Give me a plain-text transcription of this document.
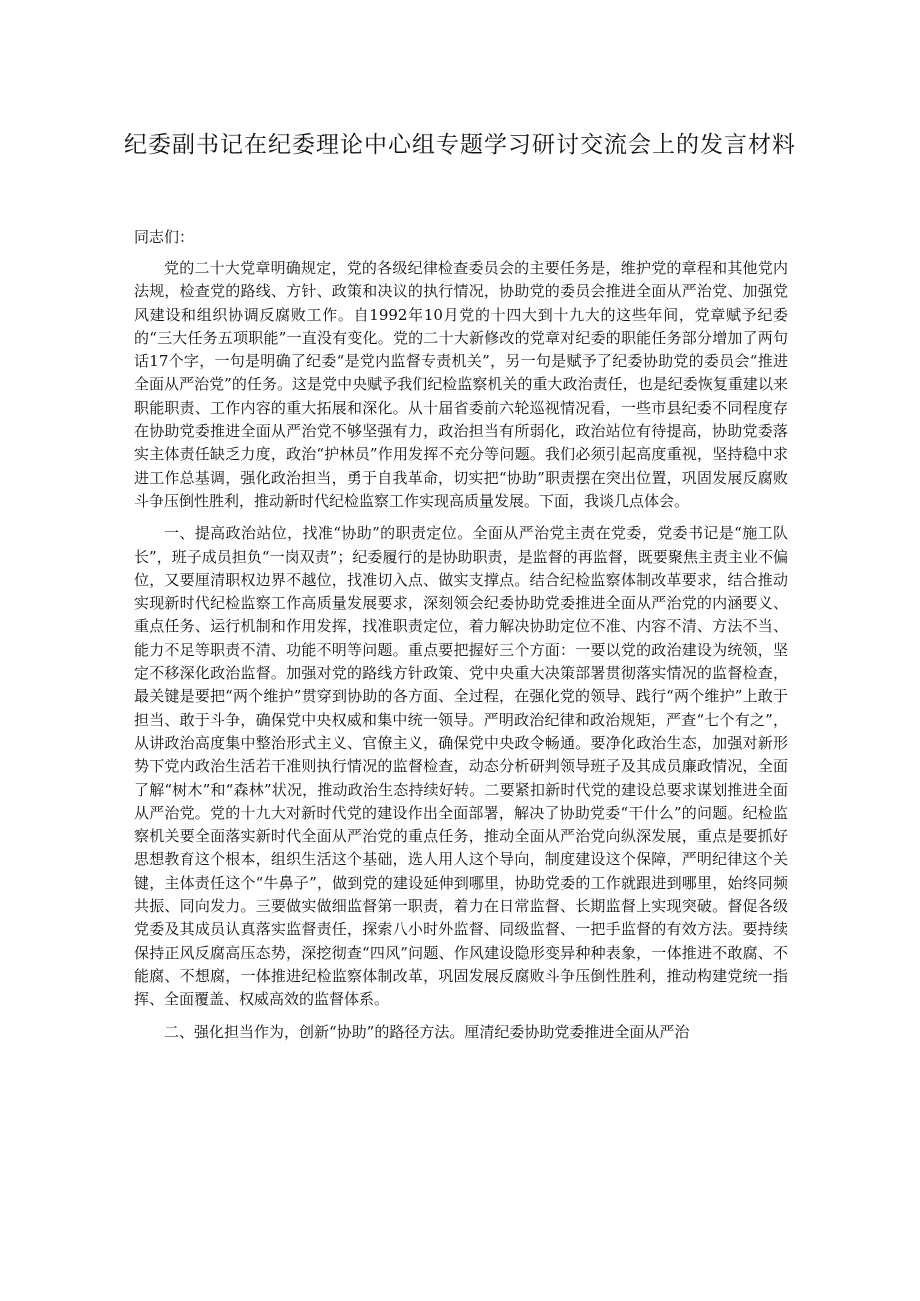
纪委副书记在纪委理论中心组专题学习研讨交流会上的发言材料
同志们：

党的二十大党章明确规定，党的各级纪律检查委员会的主要任务是，维护党的章程和其他党内法规，检查党的路线、方针、政策和决议的执行情况，协助党的委员会推进全面从严治党、加强党风建设和组织协调反腐败工作。自1992年10月党的十四大到十九大的这些年间，党章赋予纪委的“三大任务五项职能”一直没有变化。党的二十大新修改的党章对纪委的职能任务部分增加了两句话17个字，一句是明确了纪委“是党内监督专责机关”，另一句是赋予了纪委协助党的委员会“推进全面从严治党”的任务。这是党中央赋予我们纪检监察机关的重大政治责任，也是纪委恢复重建以来职能职责、工作内容的重大拓展和深化。从十届省委前六轮巡视情况看，一些市县纪委不同程度存在协助党委推进全面从严治党不够坚强有力，政治担当有所弱化，政治站位有待提高，协助党委落实主体责任缺乏力度，政治“护林员”作用发挥不充分等问题。我们必须引起高度重视，坚持稳中求进工作总基调，强化政治担当，勇于自我革命，切实把“协助”职责摆在突出位置，巩固发展反腐败斗争压倒性胜利，推动新时代纪检监察工作实现高质量发展。下面，我谈几点体会。

一、提高政治站位，找准“协助”的职责定位。全面从严治党主责在党委，党委书记是“施工队长”，班子成员担负“一岗双责”；纪委履行的是协助职责，是监督的再监督，既要聚焦主责主业不偏位，又要厘清职权边界不越位，找准切入点、做实支撑点。结合纪检监察体制改革要求，结合推动实现新时代纪检监察工作高质量发展要求，深刻领会纪委协助党委推进全面从严治党的内涵要义、重点任务、运行机制和作用发挥，找准职责定位，着力解决协助定位不准、内容不清、方法不当、能力不足等职责不清、功能不明等问题。重点要把握好三个方面：一要以党的政治建设为统领，坚定不移深化政治监督。加强对党的路线方针政策、党中央重大决策部署贯彻落实情况的监督检查，最关键是要把“两个维护”贯穿到协助的各方面、全过程，在强化党的领导、践行“两个维护”上敢于担当、敢于斗争，确保党中央权威和集中统一领导。严明政治纪律和政治规矩，严查“七个有之”，从讲政治高度集中整治形式主义、官僚主义，确保党中央政令畅通。要净化政治生态，加强对新形势下党内政治生活若干准则执行情况的监督检查，动态分析研判领导班子及其成员廉政情况，全面了解“树木”和“森林”状况，推动政治生态持续好转。二要紧扣新时代党的建设总要求谋划推进全面从严治党。党的十九大对新时代党的建设作出全面部署，解决了协助党委“干什么”的问题。纪检监察机关要全面落实新时代全面从严治党的重点任务，推动全面从严治党向纵深发展，重点是要抓好思想教育这个根本，组织生活这个基础，选人用人这个导向，制度建设这个保障，严明纪律这个关键，主体责任这个“牛鼻子”，做到党的建设延伸到哪里，协助党委的工作就跟进到哪里，始终同频共振、同向发力。三要做实做细监督第一职责，着力在日常监督、长期监督上实现突破。督促各级党委及其成员认真落实监督责任，探索八小时外监督、同级监督、一把手监督的有效方法。要持续保持正风反腐高压态势，深挖彻查“四风”问题、作风建设隐形变异种种表象，一体推进不敢腐、不能腐、不想腐，一体推进纪检监察体制改革，巩固发展反腐败斗争压倒性胜利，推动构建党统一指挥、全面覆盖、权威高效的监督体系。

二、强化担当作为，创新“协助”的路径方法。厘清纪委协助党委推进全面从严治
